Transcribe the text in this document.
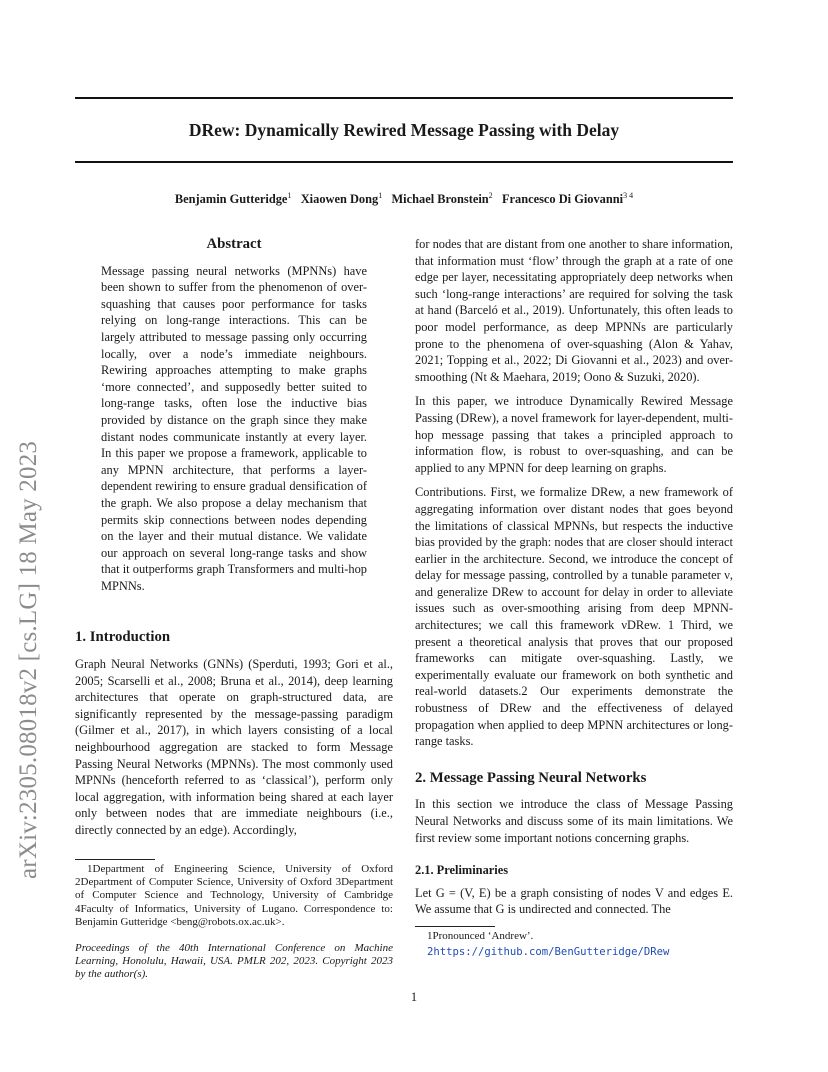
DRew: Dynamically Rewired Message Passing with Delay
Benjamin Gutteridge$^1$ Xiaowen Dong$^1$ Michael Bronstein$^2$ Francesco Di Giovanni$^{3 4}$
arXiv:2305.08018v2 [cs.LG] 18 May 2023
Abstract

Message passing neural networks (MPNNs) have been shown to suffer from the phenomenon of over-squashing that causes poor performance for tasks relying on long-range interactions. This can be largely attributed to message passing only occurring locally, over a node’s immediate neighbours. Rewiring approaches attempting to make graphs ‘more connected’, and supposedly better suited to long-range tasks, often lose the inductive bias provided by distance on the graph since they make distant nodes communicate instantly at every layer. In this paper we propose a framework, applicable to any MPNN architecture, that performs a layer-dependent rewiring to ensure gradual densification of the graph. We also propose a delay mechanism that permits skip connections between nodes depending on the layer and their mutual distance. We validate our approach on several long-range tasks and show that it outperforms graph Transformers and multi-hop MPNNs.

1. Introduction

Graph Neural Networks (GNNs) (Sperduti, 1993; Gori et al., 2005; Scarselli et al., 2008; Bruna et al., 2014), deep learning architectures that operate on graph-structured data, are significantly represented by the message-passing paradigm (Gilmer et al., 2017), in which layers consisting of a local neighbourhood aggregation are stacked to form Message Passing Neural Networks (MPNNs). The most commonly used MPNNs (henceforth referred to as ‘classical’), perform only local aggregation, with information being shared at each layer only between nodes that are immediate neighbours (i.e., directly connected by an edge). Accordingly,

1Department of Engineering Science, University of Oxford 2Department of Computer Science, University of Oxford 3Department of Computer Science and Technology, University of Cambridge 4Faculty of Informatics, University of Lugano. Correspondence to: Benjamin Gutteridge <beng@robots.ox.ac.uk>.

Proceedings of the 40th International Conference on Machine Learning, Honolulu, Hawaii, USA. PMLR 202, 2023. Copyright 2023 by the author(s).

for nodes that are distant from one another to share information, that information must ‘flow’ through the graph at a rate of one edge per layer, necessitating appropriately deep networks when such ‘long-range interactions’ are required for solving the task at hand (Barceló et al., 2019). Unfortunately, this often leads to poor model performance, as deep MPNNs are particularly prone to the phenomena of over-squashing (Alon & Yahav, 2021; Topping et al., 2022; Di Giovanni et al., 2023) and over-smoothing (Nt & Maehara, 2019; Oono & Suzuki, 2020).

In this paper, we introduce Dynamically Rewired Message Passing (DRew), a novel framework for layer-dependent, multi-hop message passing that takes a principled approach to information flow, is robust to over-squashing, and can be applied to any MPNN for deep learning on graphs.

Contributions. First, we formalize DRew, a new framework of aggregating information over distant nodes that goes beyond the limitations of classical MPNNs, but respects the inductive bias provided by the graph: nodes that are closer should interact earlier in the architecture. Second, we introduce the concept of delay for message passing, controlled by a tunable parameter ν, and generalize DRew to account for delay in order to alleviate issues such as over-smoothing arising from deep MPNN-architectures; we call this framework νDRew. 1 Third, we present a theoretical analysis that proves that our proposed frameworks can mitigate over-squashing. Lastly, we experimentally evaluate our framework on both synthetic and real-world datasets.2 Our experiments demonstrate the robustness of DRew and the effectiveness of delayed propagation when applied to deep MPNN architectures or long-range tasks.

2. Message Passing Neural Networks

In this section we introduce the class of Message Passing Neural Networks and discuss some of its main limitations. We first review some important notions concerning graphs.

2.1. Preliminaries

Let G = (V, E) be a graph consisting of nodes V and edges E. We assume that G is undirected and connected. The

1Pronounced ‘Andrew’.

2https://github.com/BenGutteridge/DRew

1
